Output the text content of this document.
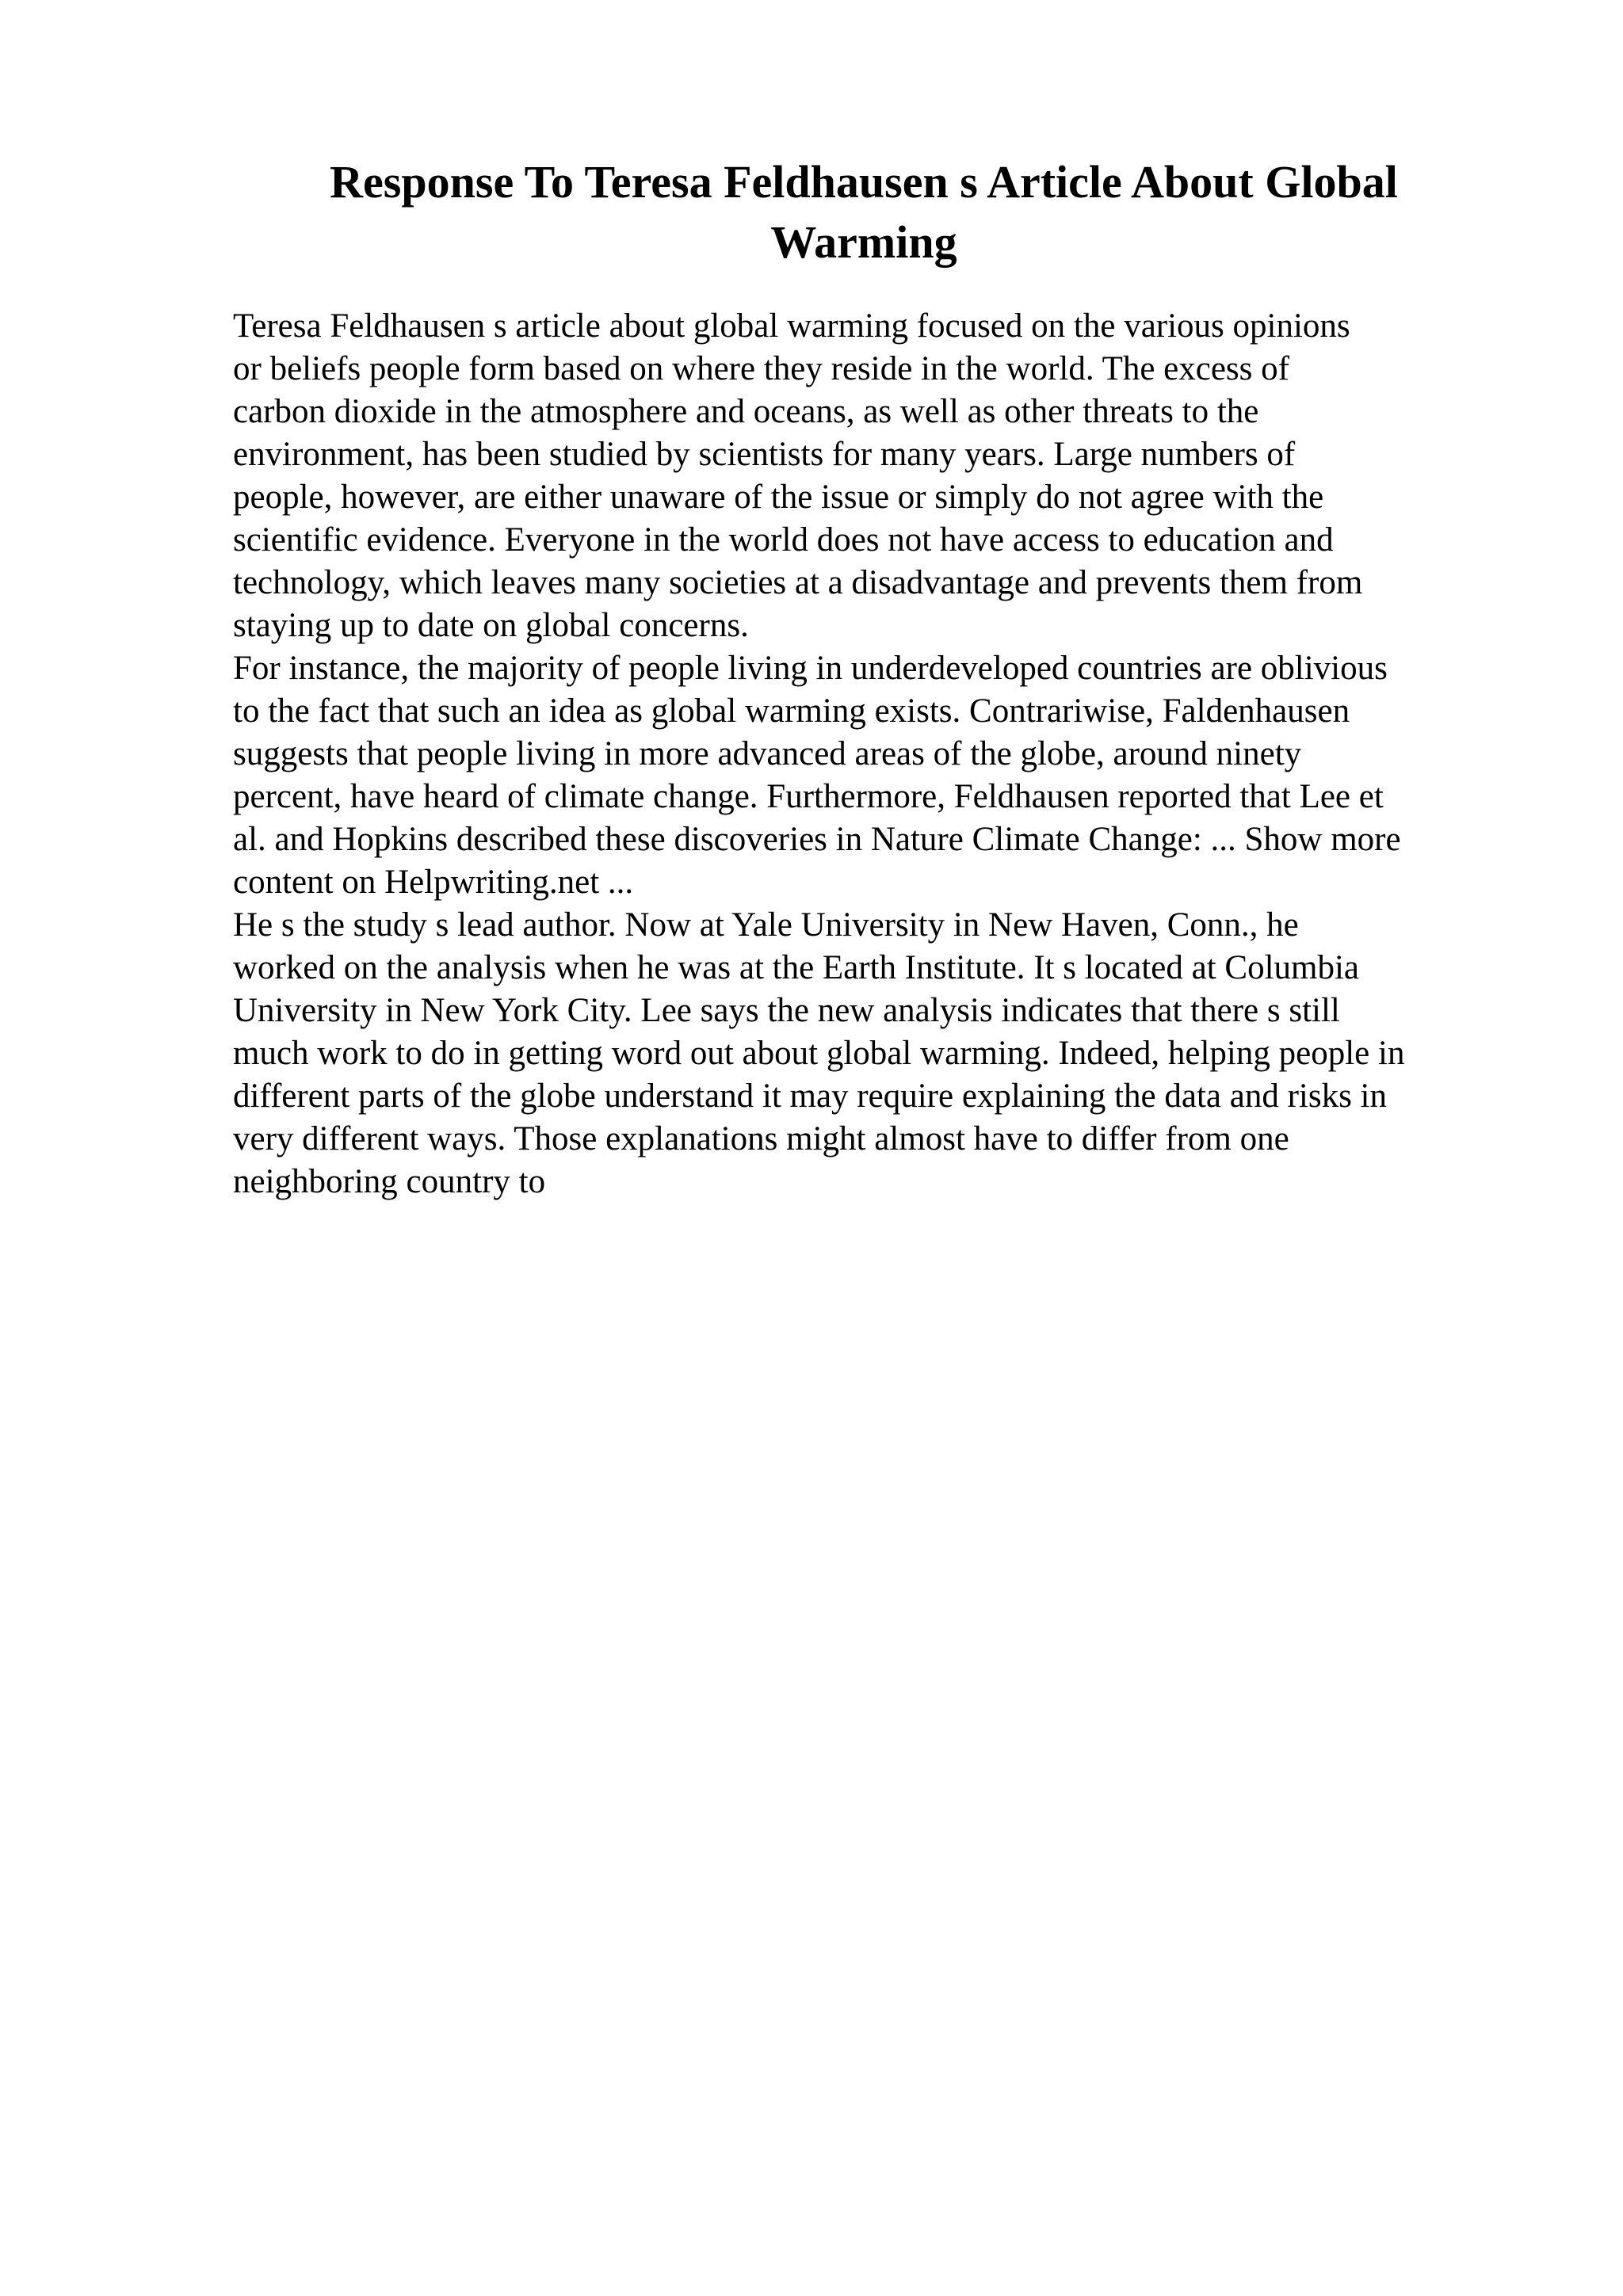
Response To Teresa Feldhausen s Article About Global
Warming

Teresa Feldhausen s article about global warming focused on the various opinions
or beliefs people form based on where they reside in the world. The excess of
carbon dioxide in the atmosphere and oceans, as well as other threats to the
environment, has been studied by scientists for many years. Large numbers of
people, however, are either unaware of the issue or simply do not agree with the
scientific evidence. Everyone in the world does not have access to education and
technology, which leaves many societies at a disadvantage and prevents them from
staying up to date on global concerns.

For instance, the majority of people living in underdeveloped countries are oblivious
to the fact that such an idea as global warming exists. Contrariwise, Faldenhausen
suggests that people living in more advanced areas of the globe, around ninety
percent, have heard of climate change. Furthermore, Feldhausen reported that Lee et
al. and Hopkins described these discoveries in Nature Climate Change: ... Show more
content on Helpwriting.net ...

He s the study s lead author. Now at Yale University in New Haven, Conn., he
worked on the analysis when he was at the Earth Institute. It s located at Columbia
University in New York City. Lee says the new analysis indicates that there s still
much work to do in getting word out about global warming. Indeed, helping people in
different parts of the globe understand it may require explaining the data and risks in
very different ways. Those explanations might almost have to differ from one
neighboring country to
